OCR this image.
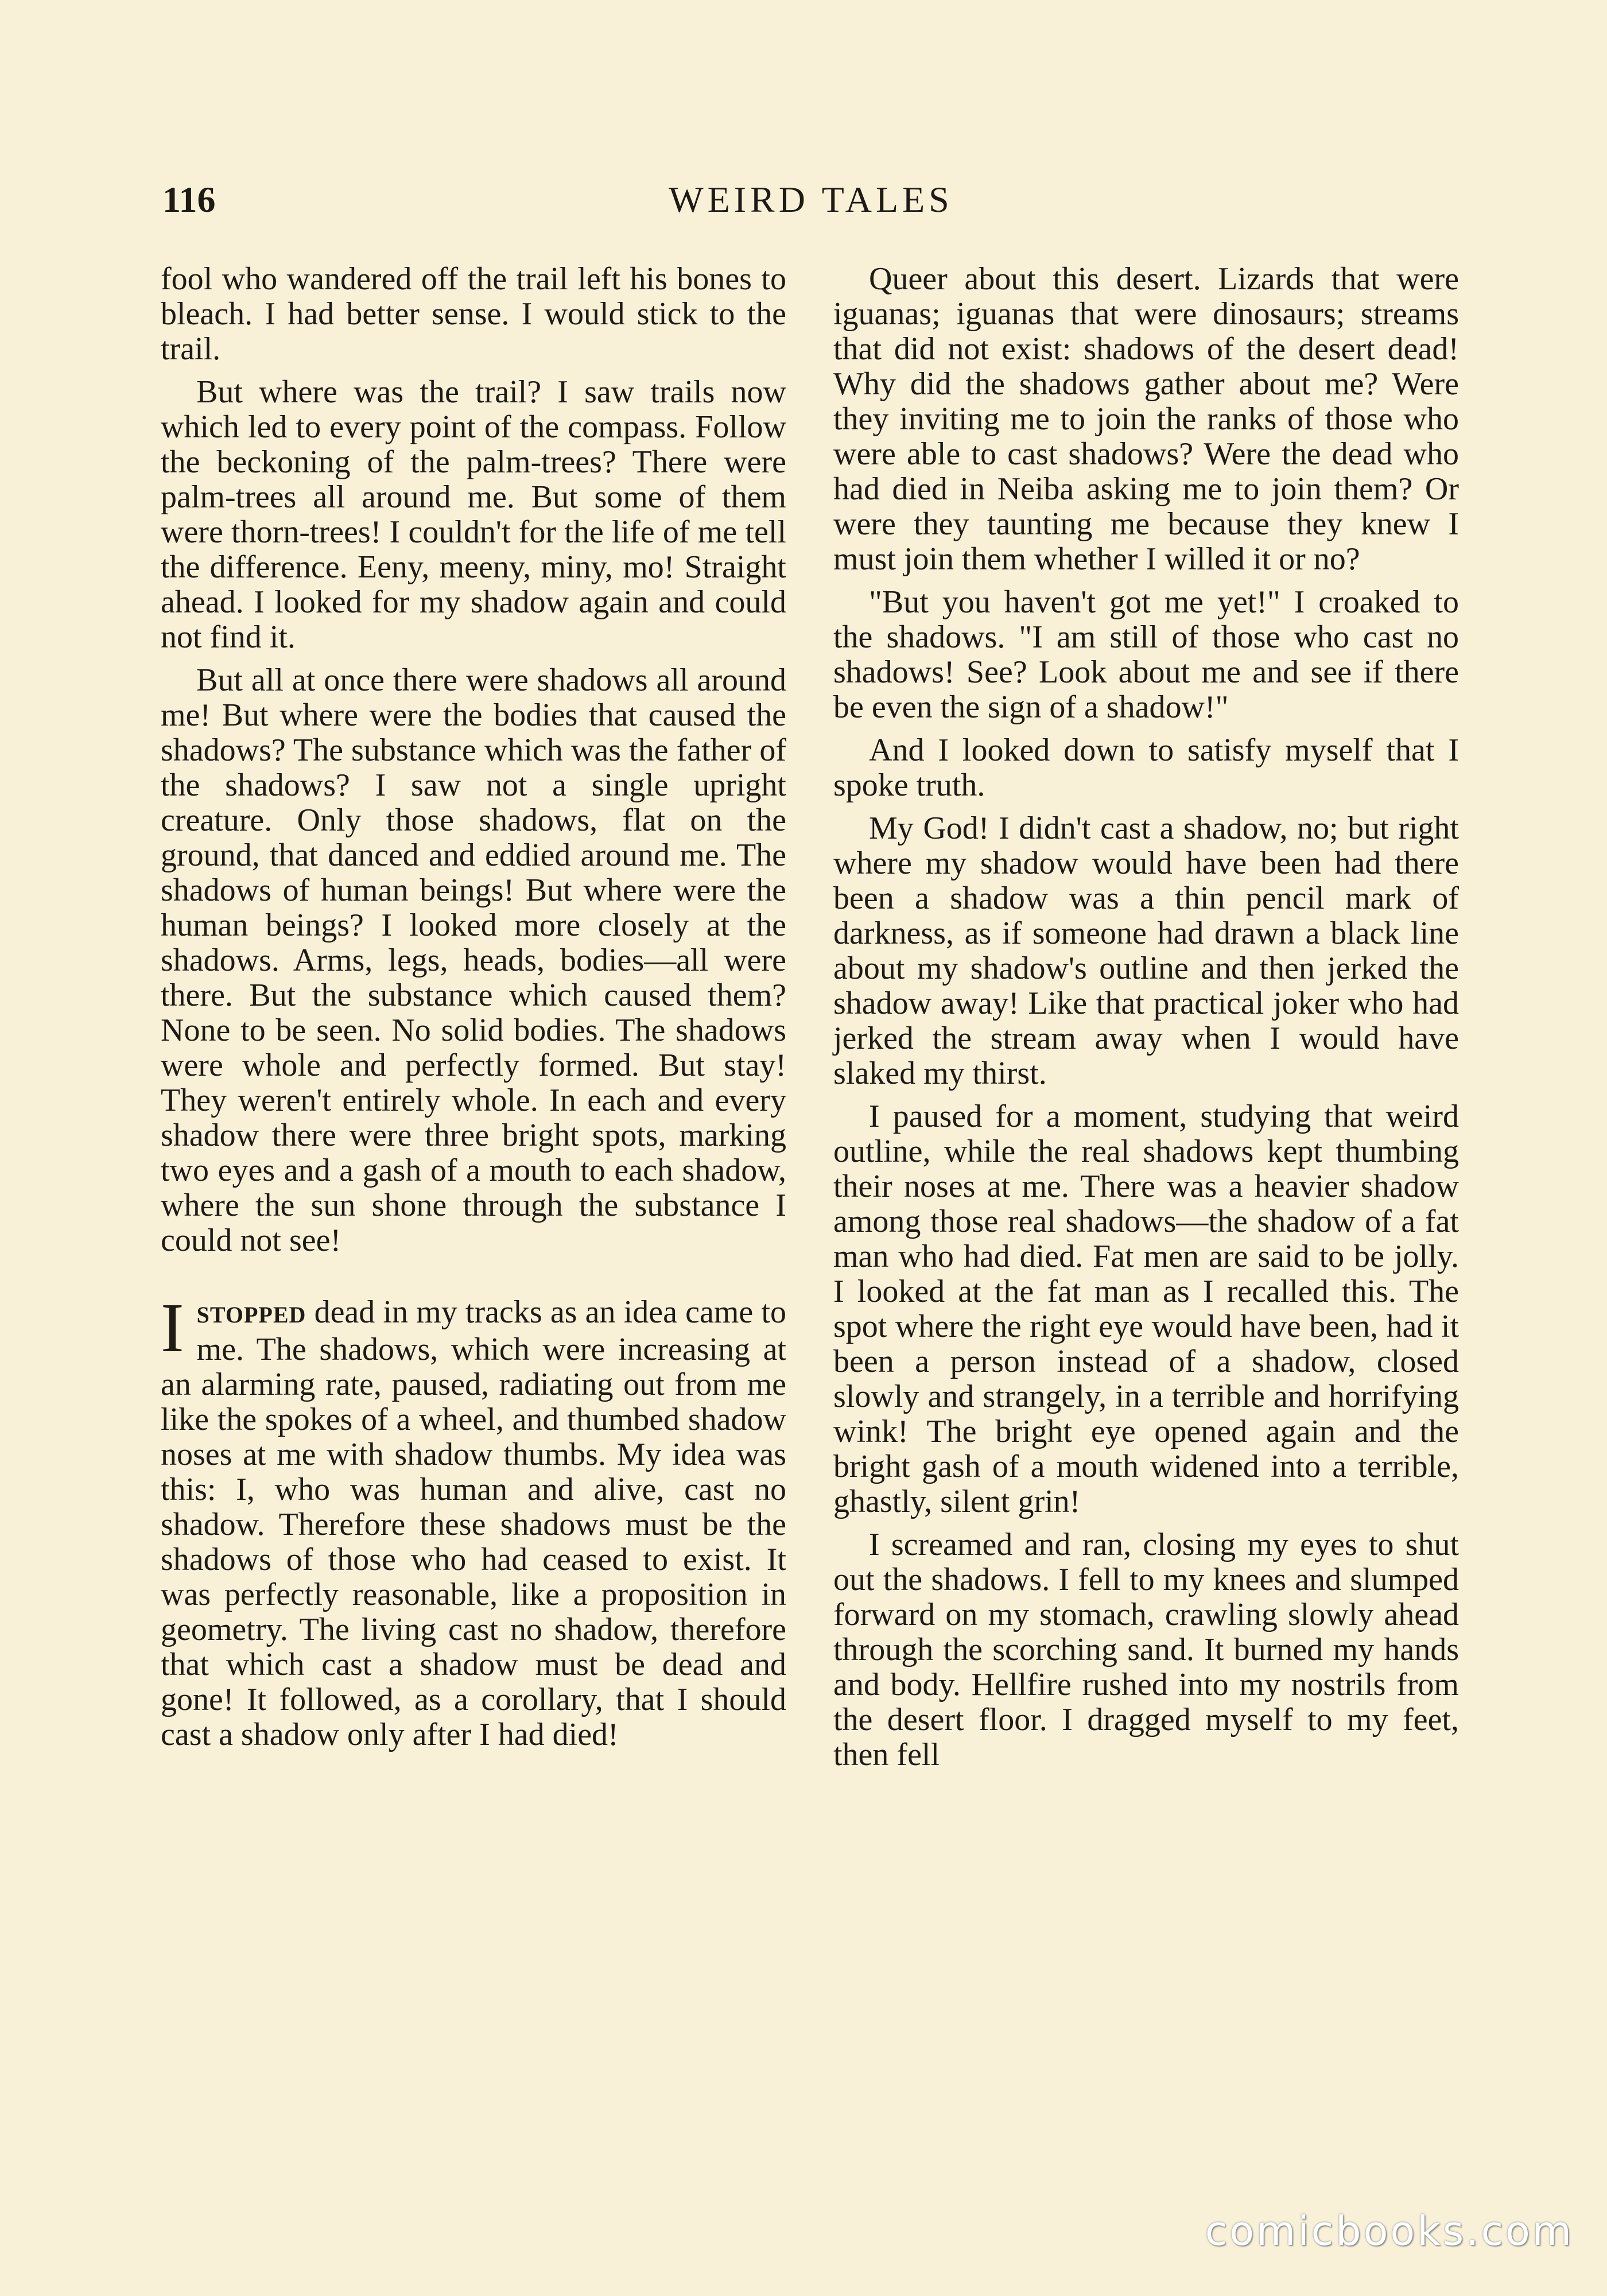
116	WEIRD TALES

fool who wandered off the trail left his bones to bleach. I had better sense. I would stick to the trail.

But where was the trail? I saw trails now which led to every point of the compass. Follow the beckoning of the palm-trees? There were palm-trees all around me. But some of them were thorn-trees! I couldn't for the life of me tell the difference. Eeny, meeny, miny, mo! Straight ahead. I looked for my shadow again and could not find it.

But all at once there were shadows all around me! But where were the bodies that caused the shadows? The substance which was the father of the shadows? I saw not a single upright creature. Only those shadows, flat on the ground, that danced and eddied around me. The shadows of human beings! But where were the human beings? I looked more closely at the shadows. Arms, legs, heads, bodies—all were there. But the substance which caused them? None to be seen. No solid bodies. The shadows were whole and perfectly formed. But stay! They weren't entirely whole. In each and every shadow there were three bright spots, marking two eyes and a gash of a mouth to each shadow, where the sun shone through the substance I could not see!

ISTOPPED dead in my tracks as an idea came to me. The shadows, which were increasing at an alarming rate, paused, radiating out from me like the spokes of a wheel, and thumbed shadow noses at me with shadow thumbs. My idea was this: I, who was human and alive, cast no shadow. Therefore these shadows must be the shadows of those who had ceased to exist. It was perfectly reasonable, like a proposition in geometry. The living cast no shadow, therefore that which cast a shadow must be dead and gone! It followed, as a corollary, that I should cast a shadow only after I had died!

Queer about this desert. Lizards that were iguanas; iguanas that were dinosaurs; streams that did not exist: shadows of the desert dead! Why did the shadows gather about me? Were they inviting me to join the ranks of those who were able to cast shadows? Were the dead who had died in Neiba asking me to join them? Or were they taunting me because they knew I must join them whether I willed it or no?

"But you haven't got me yet!" I croaked to the shadows. "I am still of those who cast no shadows! See? Look about me and see if there be even the sign of a shadow!"

And I looked down to satisfy myself that I spoke truth.

My God! I didn't cast a shadow, no; but right where my shadow would have been had there been a shadow was a thin pencil mark of darkness, as if someone had drawn a black line about my shadow's outline and then jerked the shadow away! Like that practical joker who had jerked the stream away when I would have slaked my thirst.

I paused for a moment, studying that weird outline, while the real shadows kept thumbing their noses at me. There was a heavier shadow among those real shadows—the shadow of a fat man who had died. Fat men are said to be jolly. I looked at the fat man as I recalled this. The spot where the right eye would have been, had it been a person instead of a shadow, closed slowly and strangely, in a terrible and horrifying wink! The bright eye opened again and the bright gash of a mouth widened into a terrible, ghastly, silent grin!

I screamed and ran, closing my eyes to shut out the shadows. I fell to my knees and slumped forward on my stomach, crawling slowly ahead through the scorching sand. It burned my hands and body. Hellfire rushed into my nostrils from the desert floor. I dragged myself to my feet, then fell

comicbooks.com
